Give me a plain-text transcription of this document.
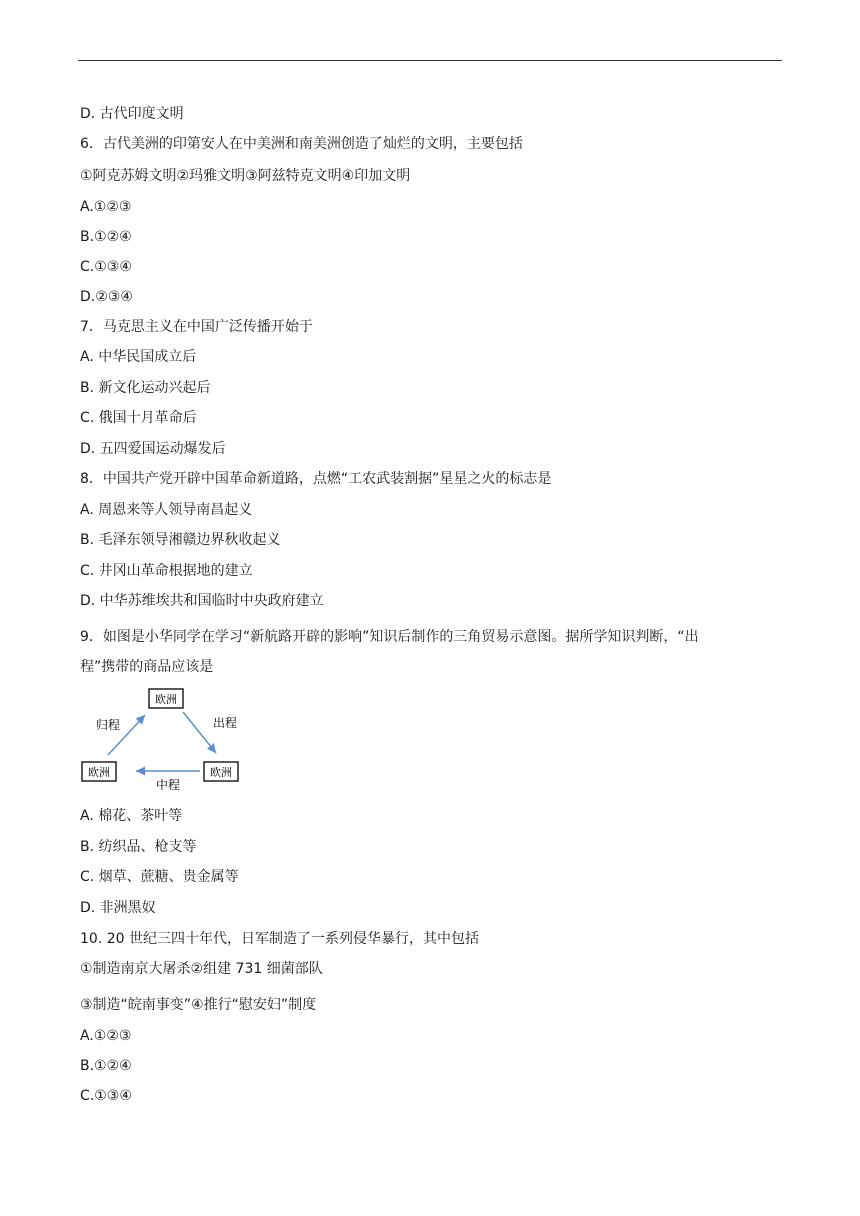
D. 古代印度文明
6．古代美洲的印第安人在中美洲和南美洲创造了灿烂的文明，主要包括
①阿克苏姆文明②玛雅文明③阿兹特克文明④印加文明
A.①②③
B.①②④
C.①③④
D.②③④
7．马克思主义在中国广泛传播开始于
A. 中华民国成立后
B. 新文化运动兴起后
C. 俄国十月革命后
D. 五四爱国运动爆发后
8．中国共产党开辟中国革命新道路，点燃“工农武装割据”星星之火的标志是
A. 周恩来等人领导南昌起义
B. 毛泽东领导湘赣边界秋收起义
C. 井冈山革命根据地的建立
D. 中华苏维埃共和国临时中央政府建立
9．如图是小华同学在学习“新航路开辟的影响”知识后制作的三角贸易示意图。据所学知识判断，“出
程”携带的商品应该是
欧洲
欧洲	欧洲
出程
中程
归程
A. 棉花、茶叶等
B. 纺织品、枪支等
C. 烟草、蔗糖、贵金属等
D. 非洲黑奴
10. 20 世纪三四十年代，日军制造了一系列侵华暴行，其中包括
①制造南京大屠杀②组建 731 细菌部队
③制造“皖南事变”④推行“慰安妇”制度
A.①②③
B.①②④
C.①③④
